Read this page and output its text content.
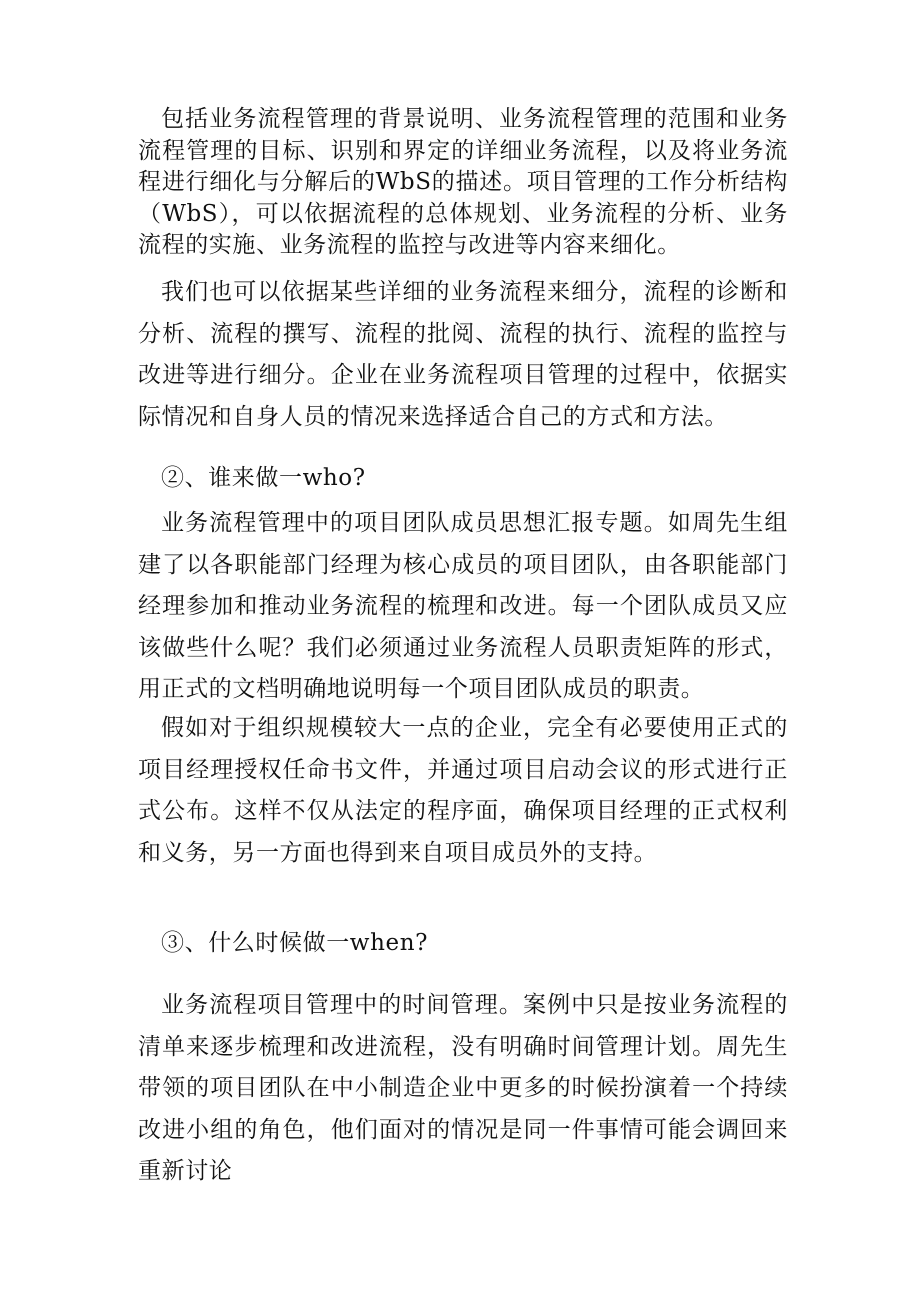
包括业务流程管理的背景说明、业务流程管理的范围和业务流程管理的目标、识别和界定的详细业务流程，以及将业务流程进行细化与分解后的WbS的描述。项目管理的工作分析结构（WbS），可以依据流程的总体规划、业务流程的分析、业务流程的实施、业务流程的监控与改进等内容来细化。

我们也可以依据某些详细的业务流程来细分，流程的诊断和分析、流程的撰写、流程的批阅、流程的执行、流程的监控与改进等进行细分。企业在业务流程项目管理的过程中，依据实际情况和自身人员的情况来选择适合自己的方式和方法。

②、谁来做一who?

业务流程管理中的项目团队成员思想汇报专题。如周先生组建了以各职能部门经理为核心成员的项目团队，由各职能部门经理参加和推动业务流程的梳理和改进。每一个团队成员又应该做些什么呢？我们必须通过业务流程人员职责矩阵的形式，用正式的文档明确地说明每一个项目团队成员的职责。

假如对于组织规模较大一点的企业，完全有必要使用正式的项目经理授权任命书文件，并通过项目启动会议的形式进行正式公布。这样不仅从法定的程序面，确保项目经理的正式权利和义务，另一方面也得到来自项目成员外的支持。

③、什么时候做一when?

业务流程项目管理中的时间管理。案例中只是按业务流程的清单来逐步梳理和改进流程，没有明确时间管理计划。周先生带领的项目团队在中小制造企业中更多的时候扮演着一个持续改进小组的角色，他们面对的情况是同一件事情可能会调回来重新讨论
